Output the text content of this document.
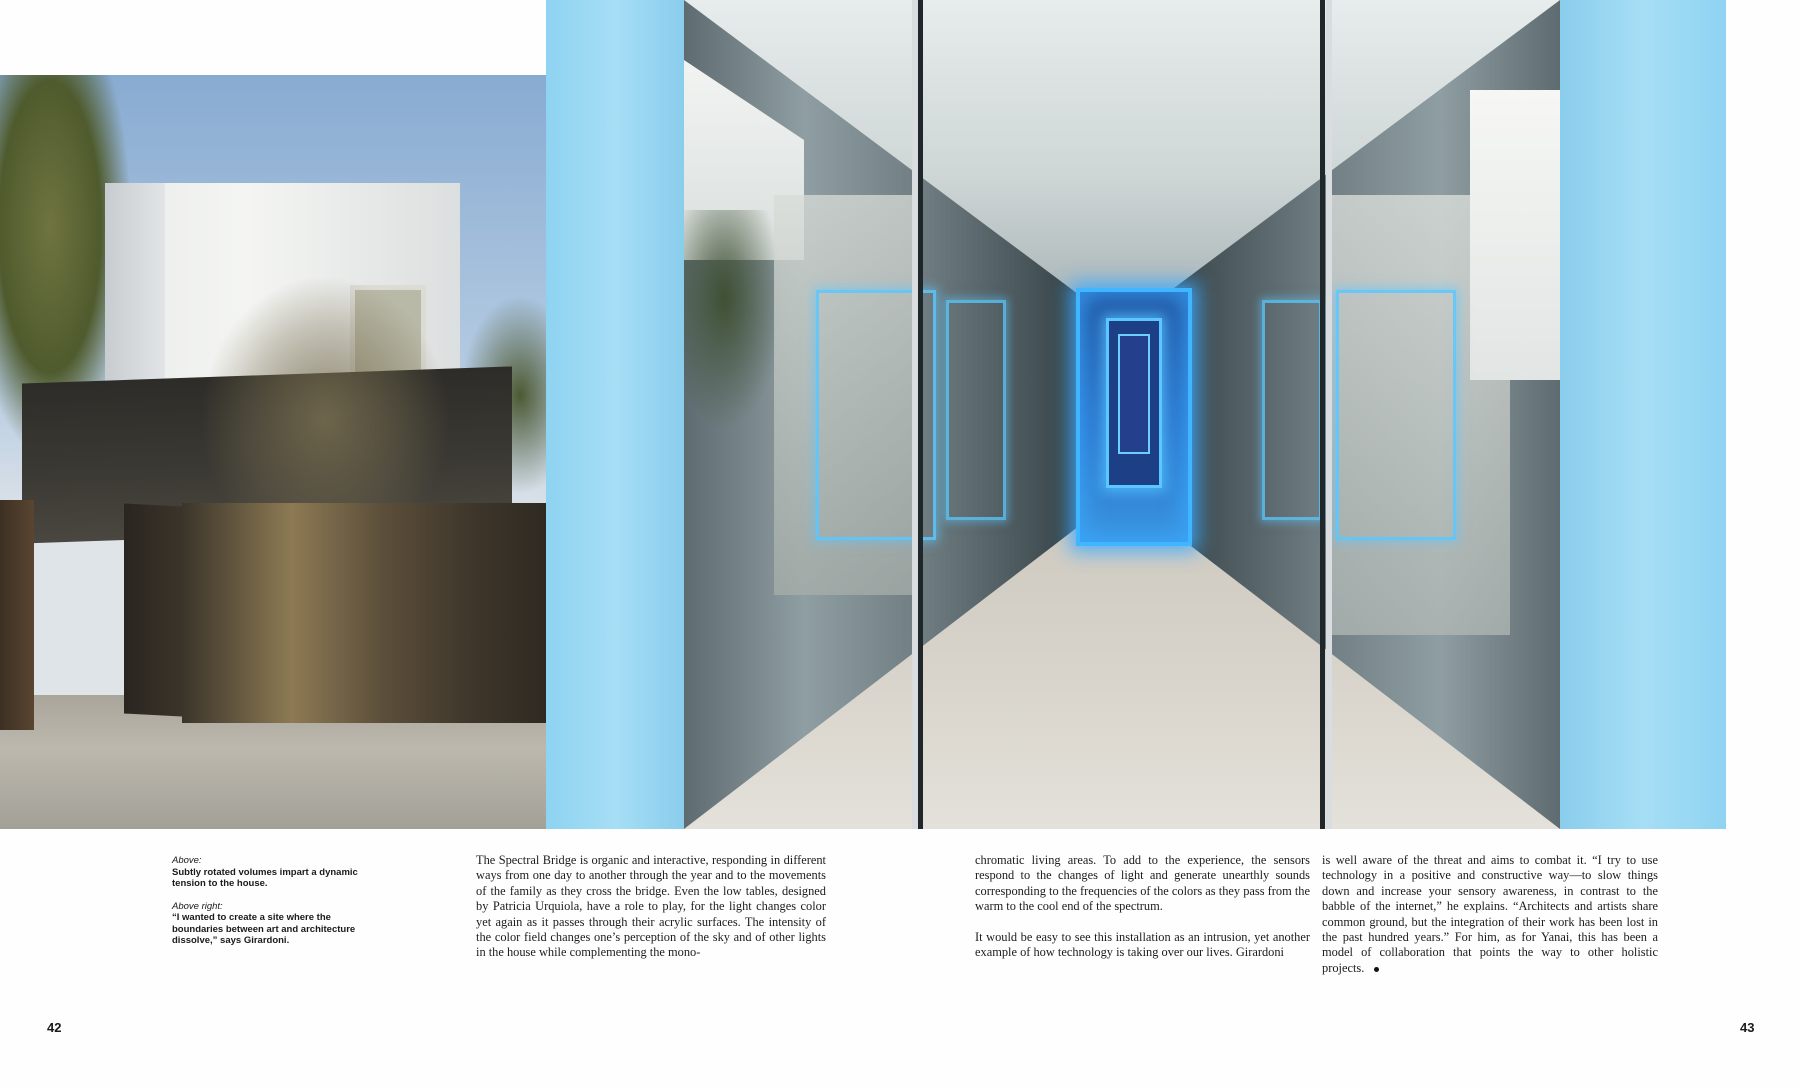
Above:
Subtly rotated volumes impart a dynamic tension to the house.
Above right:
“I wanted to create a site where the boundaries between art and architecture dissolve,” says Girardoni.

The Spectral Bridge is organic and interactive, responding in different ways from one day to another through the year and to the movements of the family as they cross the bridge. Even the low tables, designed by Patricia Urquiola, have a role to play, for the light changes color yet again as it passes through their acrylic surfaces. The intensity of the color field changes one’s perception of the sky and of other lights in the house while complementing the mono-

chromatic living areas. To add to the experience, the sensors respond to the changes of light and generate unearthly sounds corresponding to the frequencies of the colors as they pass from the warm to the cool end of the spectrum.

It would be easy to see this installation as an intrusion, yet another example of how technology is taking over our lives. Girardoni

is well aware of the threat and aims to combat it. “I try to use technology in a positive and constructive way—to slow things down and increase your sensory awareness, in contrast to the babble of the internet,” he explains. “Architects and artists share common ground, but the integration of their work has been lost in the past hundred years.” For him, as for Yanai, this has been a model of collaboration that points the way to other holistic projects.

42	43
